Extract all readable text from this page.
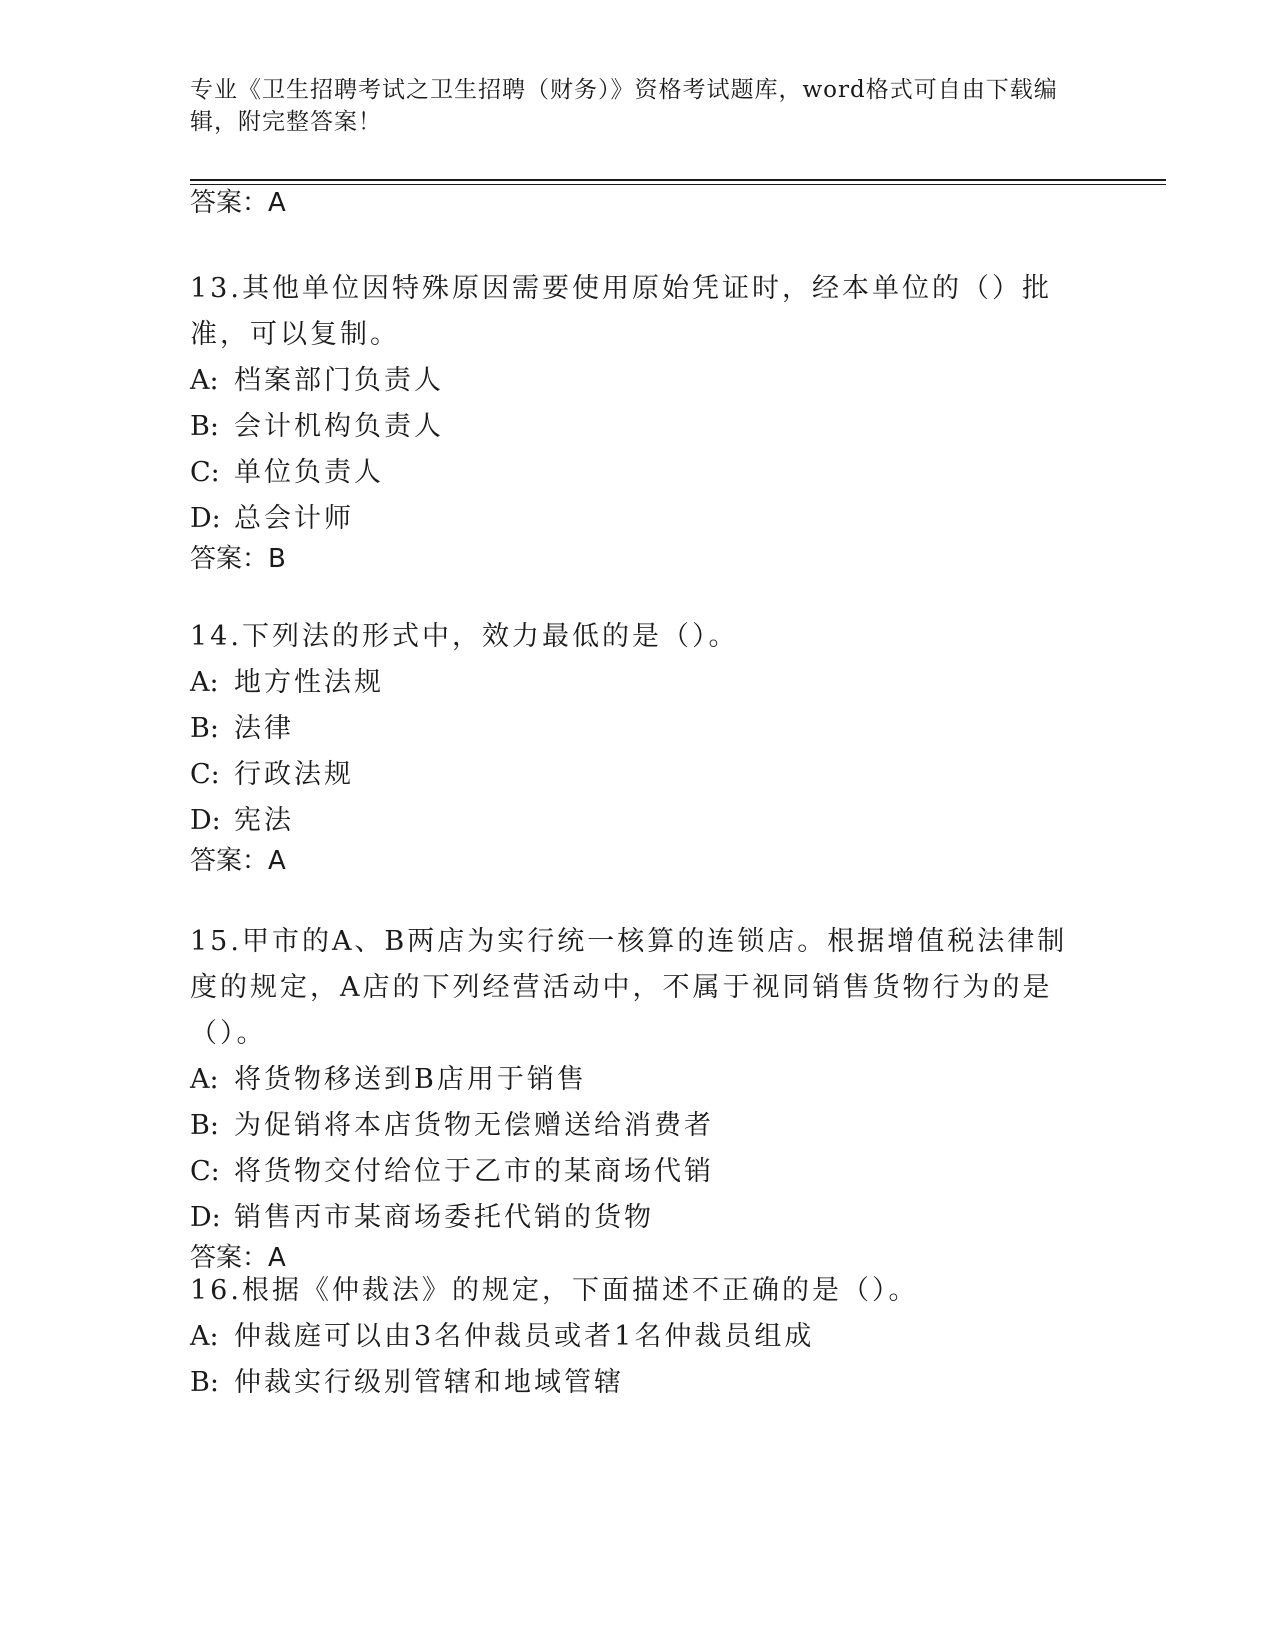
专业《卫生招聘考试之卫生招聘（财务）》资格考试题库，word格式可自由下载编辑，附完整答案！
答案：A
13.其他单位因特殊原因需要使用原始凭证时，经本单位的（）批准，可以复制。
A: 档案部门负责人
B: 会计机构负责人
C: 单位负责人
D: 总会计师
答案：B
14.下列法的形式中，效力最低的是（）。
A: 地方性法规
B: 法律
C: 行政法规
D: 宪法
答案：A
15.甲市的A、B两店为实行统一核算的连锁店。根据增值税法律制度的规定，A店的下列经营活动中，不属于视同销售货物行为的是（）。
A: 将货物移送到B店用于销售
B: 为促销将本店货物无偿赠送给消费者
C: 将货物交付给位于乙市的某商场代销
D: 销售丙市某商场委托代销的货物
答案：A
16.根据《仲裁法》的规定，下面描述不正确的是（）。
A: 仲裁庭可以由3名仲裁员或者1名仲裁员组成
B: 仲裁实行级别管辖和地域管辖
